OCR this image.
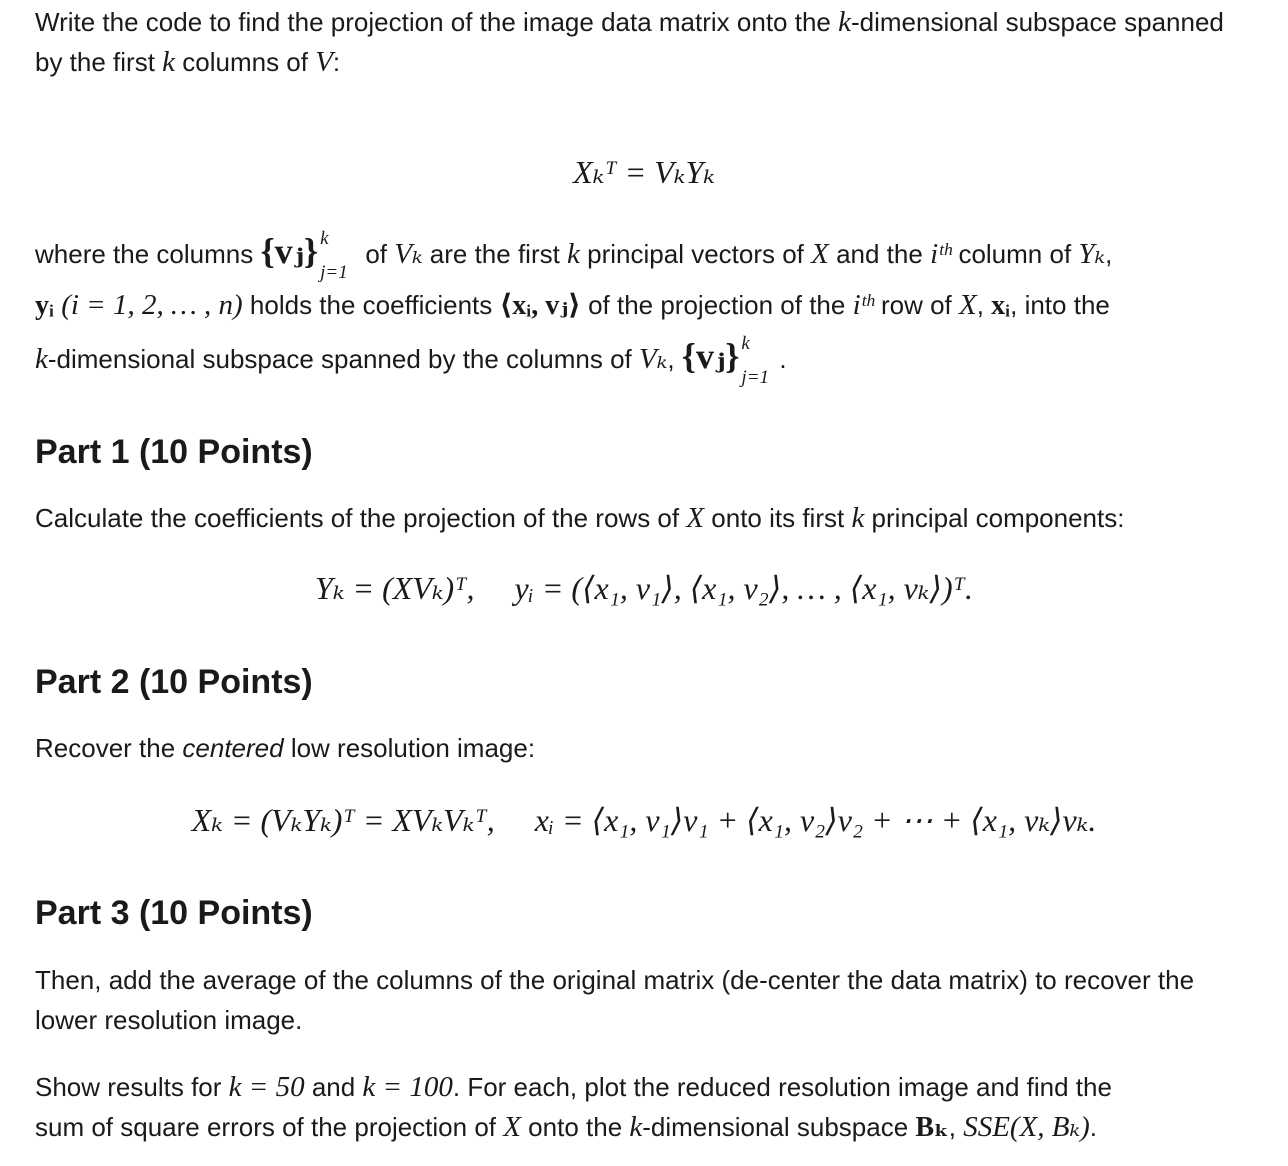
Write the code to find the projection of the image data matrix onto the k-dimensional subspace spanned by the first k columns of V:
Xₖᵀ = VₖYₖ
where the columns {vⱼ} k
j=1
of Vₖ are the first k principal vectors of X and the iᵗʰ column of Yₖ,
yᵢ (i = 1, 2, … , n) holds the coefficients ⟨xᵢ, vⱼ⟩ of the projection of the iᵗʰ row of X, xᵢ, into the
k-dimensional subspace spanned by the columns of Vₖ, {vⱼ} k
j=1
.
Part 1 (10 Points)
Calculate the coefficients of the projection of the rows of X onto its first k principal components:
Yₖ = (XVₖ)ᵀ, yᵢ = (⟨x₁, v₁⟩, ⟨x₁, v₂⟩, … , ⟨x₁, vₖ⟩)ᵀ.
Part 2 (10 Points)
Recover the centered low resolution image:
Xₖ = (VₖYₖ)ᵀ = XVₖVₖᵀ, xᵢ = ⟨x₁, v₁⟩v₁ + ⟨x₁, v₂⟩v₂ + ⋯ + ⟨x₁, vₖ⟩vₖ.
Part 3 (10 Points)
Then, add the average of the columns of the original matrix (de-center the data matrix) to recover the lower resolution image.
Show results for k = 50 and k = 100. For each, plot the reduced resolution image and find the
sum of square errors of the projection of X onto the k-dimensional subspace Bₖ, SSE(X, Bₖ).
